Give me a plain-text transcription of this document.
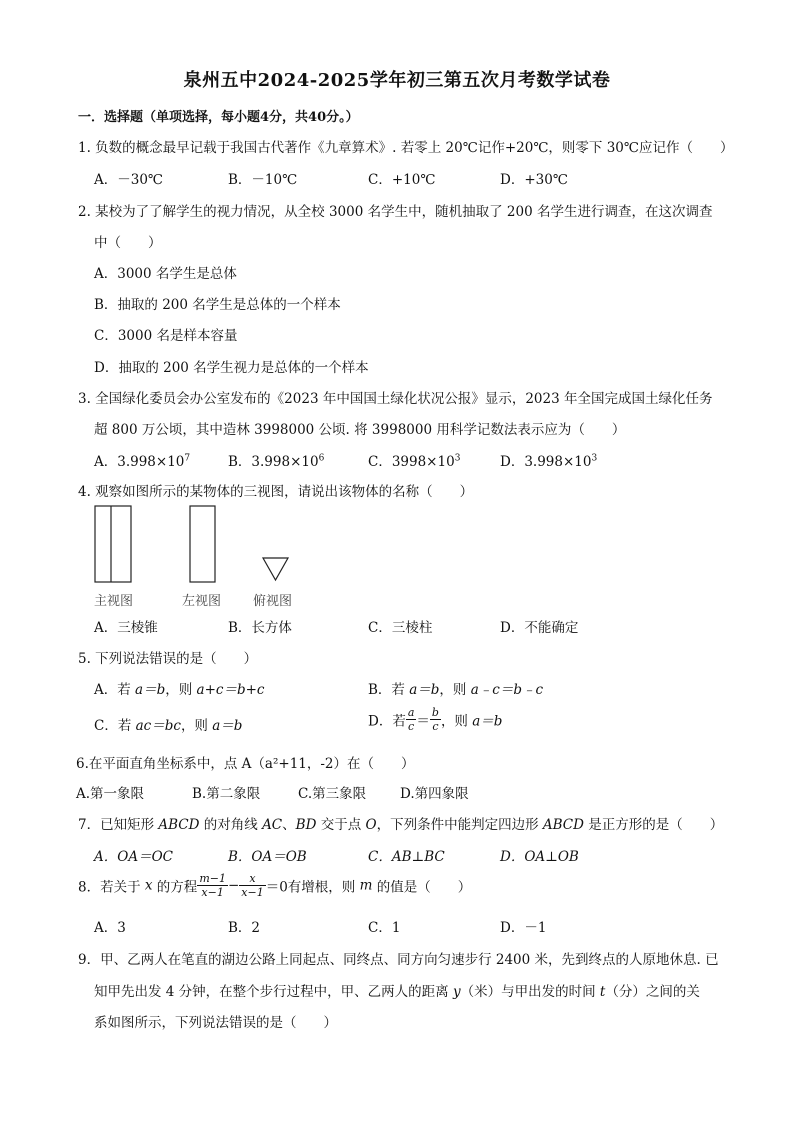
泉州五中2024-2025学年初三第五次月考数学试卷
一．选择题（单项选择，每小题4分，共40分。）
1. 负数的概念最早记载于我国古代著作《九章算术》. 若零上 20℃记作+20℃，则零下 30℃应记作（　　）
A．－30℃	B．－10℃	C．+10℃	D．+30℃
2. 某校为了了解学生的视力情况，从全校 3000 名学生中，随机抽取了 200 名学生进行调查，在这次调查
中（　　）
A．3000 名学生是总体
B．抽取的 200 名学生是总体的一个样本
C．3000 名是样本容量
D．抽取的 200 名学生视力是总体的一个样本
3. 全国绿化委员会办公室发布的《2023 年中国国土绿化状况公报》显示，2023 年全国完成国土绿化任务
超 800 万公顷，其中造林 3998000 公顷. 将 3998000 用科学记数法表示应为（　　）
A．$3.998\times 10^7$	B．$3.998\times 10^6$	C．$3998\times 10^3$	D．$3.998\times 10^3$
4. 观察如图所示的某物体的三视图，请说出该物体的名称（　　）
主视图	左视图 俯视图
A．三棱锥	B．长方体	C．三棱柱	D．不能确定
5. 下列说法错误的是（　　）
A．若 a＝b，则 a+c＝b+c	B．若 a＝b，则 a﹣c＝b﹣c
C．若 ac＝bc，则 a＝b	D．若 $\frac{a}{c} = \frac{b}{c}$ ，则 a＝b
6.在平面直角坐标系中，点 A（a²+11，-2）在（　　）
A.第一象限	B.第二象限	C.第三象限	D.第四象限
7．已知矩形 ABCD 的对角线 AC、BD 交于点 O，下列条件中能判定四边形 ABCD 是正方形的是（　　）
A．OA＝OC	B．OA＝OB	C．AB⊥BC	D．OA⊥OB
8．若关于 x 的方程 $\frac{m-1}{x-1} - \frac{x}{x-1} =0$有增根，则 m 的值是（　　）
A．3	B．2	C．1	D．－1
9．甲、乙两人在笔直的湖边公路上同起点、同终点、同方向匀速步行 2400 米，先到终点的人原地休息. 已
知甲先出发 4 分钟，在整个步行过程中，甲、乙两人的距离 y（米）与甲出发的时间 t（分）之间的关
系如图所示，下列说法错误的是（　　）
